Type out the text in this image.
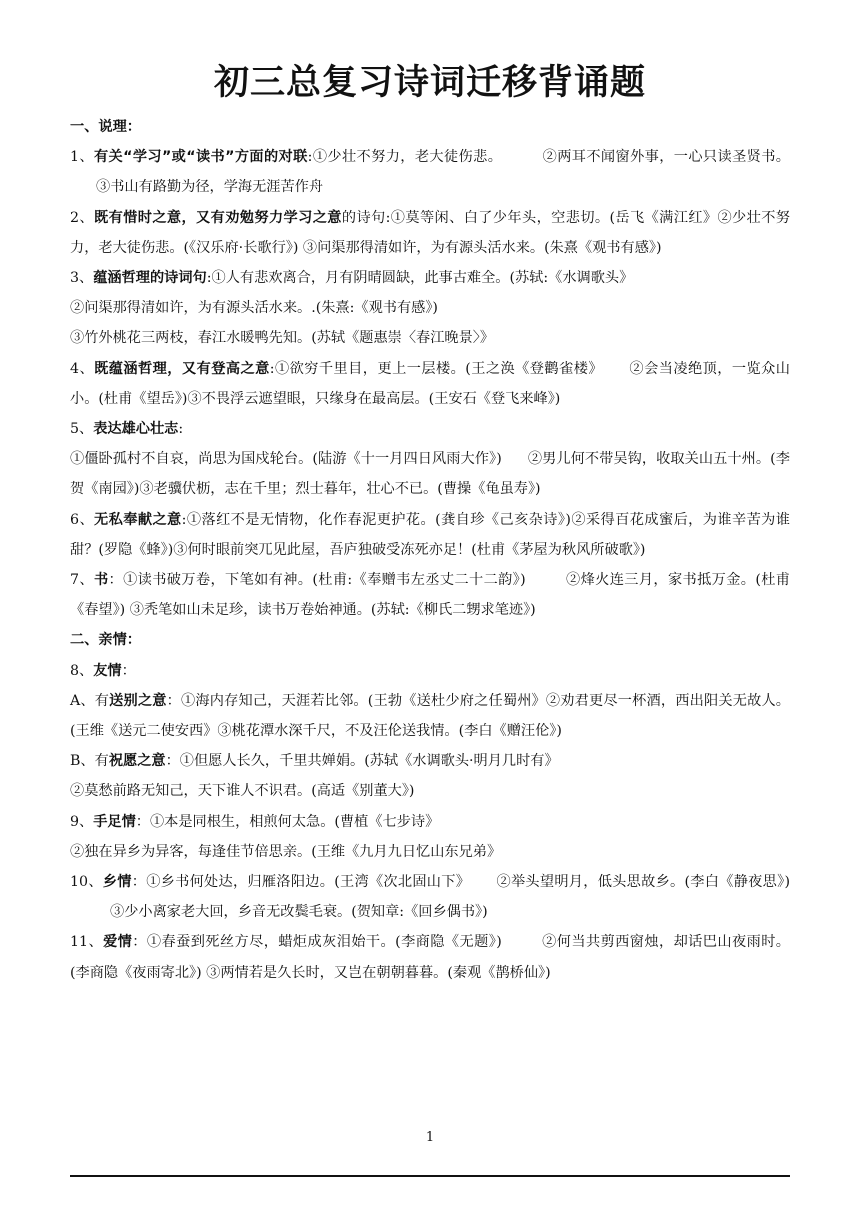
初三总复习诗词迁移背诵题

一、说理：

1、有关“学习”或“读书”方面的对联:①少壮不努力，老大徒伤悲。	②两耳不闻窗外事，一心只读圣贤书。③书山有路勤为径，学海无涯苦作舟

2、既有惜时之意，又有劝勉努力学习之意的诗句:①莫等闲、白了少年头，空悲切。(岳飞《满江红》②少壮不努力，老大徒伤悲。(《汉乐府·长歌行》) ③问渠那得清如许，为有源头活水来。(朱熹《观书有感》)

3、蕴涵哲理的诗词句:①人有悲欢离合，月有阴晴圆缺，此事古难全。(苏轼:《水调歌头》

②问渠那得清如许，为有源头活水来。.(朱熹:《观书有感》)

③竹外桃花三两枝，春江水暖鸭先知。(苏轼《题惠崇〈春江晚景〉》

4、既蕴涵哲理，又有登高之意:①欲穷千里目，更上一层楼。(王之涣《登鹳雀楼》 ②会当凌绝顶，一览众山小。(杜甫《望岳》)③不畏浮云遮望眼，只缘身在最高层。(王安石《登飞来峰》)

5、表达雄心壮志:

①僵卧孤村不自哀，尚思为国戍轮台。(陆游《十一月四日风雨大作》) ②男儿何不带吴钩，收取关山五十州。(李贺《南园》)③老骥伏枥，志在千里；烈士暮年，壮心不已。(曹操《龟虽寿》)

6、无私奉献之意:①落红不是无情物，化作春泥更护花。(龚自珍《己亥杂诗》)②采得百花成蜜后，为谁辛苦为谁甜？(罗隐《蜂》)③何时眼前突兀见此屋，吾庐独破受冻死亦足！(杜甫《茅屋为秋风所破歌》)

7、书：①读书破万卷，下笔如有神。(杜甫:《奉赠韦左丞丈二十二韵》)	②烽火连三月，家书抵万金。(杜甫《春望》) ③秃笔如山未足珍，读书万卷始神通。(苏轼:《柳氏二甥求笔迹》)

二、亲情：

8、友情：

A、有送别之意：①海内存知己，天涯若比邻。(王勃《送杜少府之任蜀州》②劝君更尽一杯酒，西出阳关无故人。(王维《送元二使安西》③桃花潭水深千尺，不及汪伦送我情。(李白《赠汪伦》)

B、有祝愿之意：①但愿人长久，千里共婵娟。(苏轼《水调歌头·明月几时有》

②莫愁前路无知己，天下谁人不识君。(高适《别董大》)

9、手足情：①本是同根生，相煎何太急。(曹植《七步诗》

②独在异乡为异客，每逢佳节倍思亲。(王维《九月九日忆山东兄弟》

10、乡情：①乡书何处达，归雁洛阳边。(王湾《次北固山下》 ②举头望明月，低头思故乡。(李白《静夜思》)③少小离家老大回，乡音无改鬓毛衰。(贺知章:《回乡偶书》)

11、爱情：①春蚕到死丝方尽，蜡炬成灰泪始干。(李商隐《无题》)	②何当共剪西窗烛，却话巴山夜雨时。(李商隐《夜雨寄北》) ③两情若是久长时，又岂在朝朝暮暮。(秦观《鹊桥仙》)

1
